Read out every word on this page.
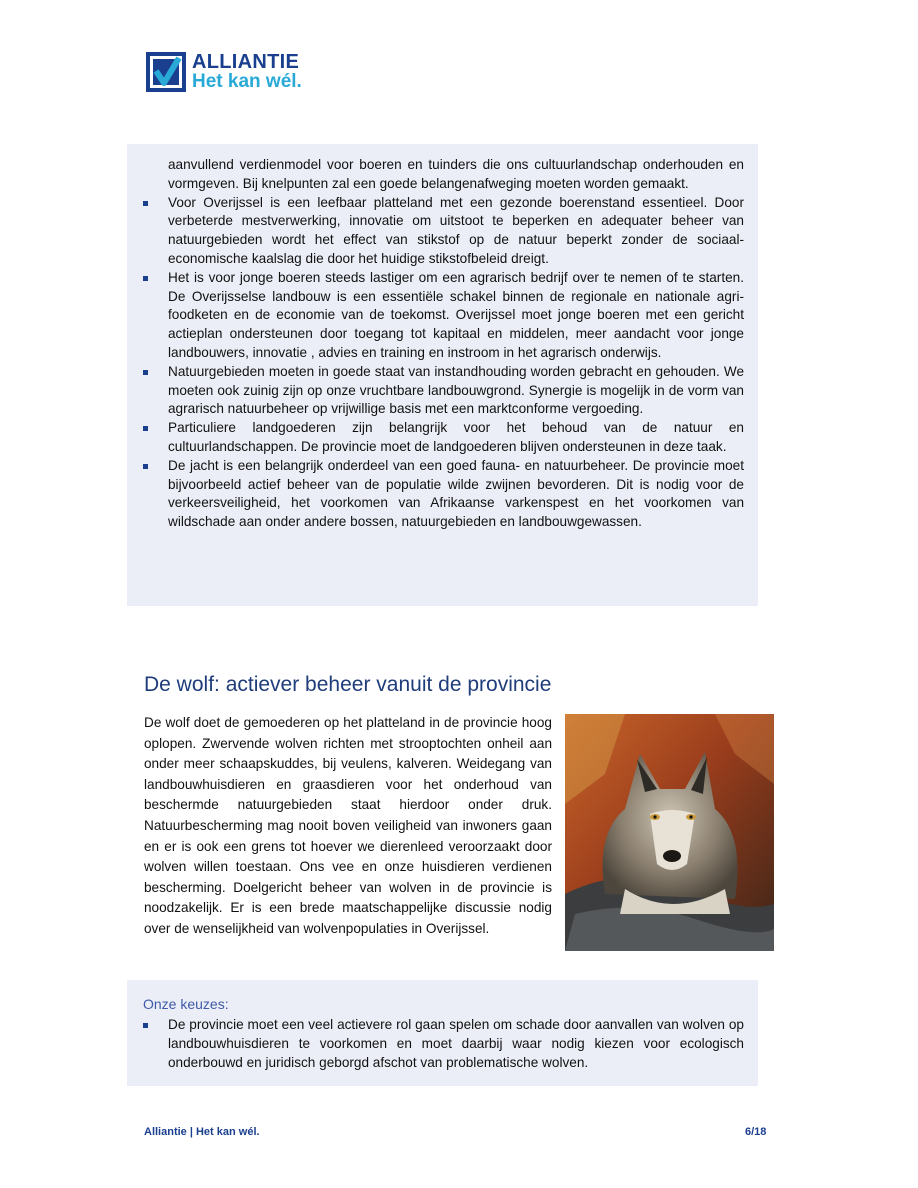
ALLIANTIE
Het kan wél.
aanvullend verdienmodel voor boeren en tuinders die ons cultuurlandschap onderhouden en vormgeven. Bij knelpunten zal een goede belangenafweging moeten worden gemaakt.
Voor Overijssel is een leefbaar platteland met een gezonde boerenstand essentieel. Door verbeterde mestverwerking, innovatie om uitstoot te beperken en adequater beheer van natuurgebieden wordt het effect van stikstof op de natuur beperkt zonder de sociaal-economische kaalslag die door het huidige stikstofbeleid dreigt.
Het is voor jonge boeren steeds lastiger om een agrarisch bedrijf over te nemen of te starten. De Overijsselse landbouw is een essentiële schakel binnen de regionale en nationale agri-foodketen en de economie van de toekomst. Overijssel moet jonge boeren met een gericht actieplan ondersteunen door toegang tot kapitaal en middelen, meer aandacht voor jonge landbouwers, innovatie , advies en training en instroom in het agrarisch onderwijs.
Natuurgebieden moeten in goede staat van instandhouding worden gebracht en gehouden. We moeten ook zuinig zijn op onze vruchtbare landbouwgrond. Synergie is mogelijk in de vorm van agrarisch natuurbeheer op vrijwillige basis met een marktconforme vergoeding.
Particuliere landgoederen zijn belangrijk voor het behoud van de natuur en cultuurlandschappen. De provincie moet de landgoederen blijven ondersteunen in deze taak.
De jacht is een belangrijk onderdeel van een goed fauna- en natuurbeheer. De provincie moet bijvoorbeeld actief beheer van de populatie wilde zwijnen bevorderen. Dit is nodig voor de verkeersveiligheid, het voorkomen van Afrikaanse varkenspest en het voorkomen van wildschade aan onder andere bossen, natuurgebieden en landbouwgewassen.
De wolf: actiever beheer vanuit de provincie

De wolf doet de gemoederen op het platteland in de provincie hoog oplopen. Zwervende wolven richten met strooptochten onheil aan onder meer schaapskuddes, bij veulens, kalveren. Weidegang van landbouwhuisdieren en graasdieren voor het onderhoud van beschermde natuurgebieden staat hierdoor onder druk. Natuurbescherming mag nooit boven veiligheid van inwoners gaan en er is ook een grens tot hoever we dierenleed veroorzaakt door wolven willen toestaan. Ons vee en onze huisdieren verdienen bescherming. Doelgericht beheer van wolven in de provincie is noodzakelijk. Er is een brede maatschappelijke discussie nodig over de wenselijkheid van wolvenpopulaties in Overijssel.

Onze keuzes:
De provincie moet een veel actievere rol gaan spelen om schade door aanvallen van wolven op landbouwhuisdieren te voorkomen en moet daarbij waar nodig kiezen voor ecologisch onderbouwd en juridisch geborgd afschot van problematische wolven.
Alliantie | Het kan wél.	6/18
